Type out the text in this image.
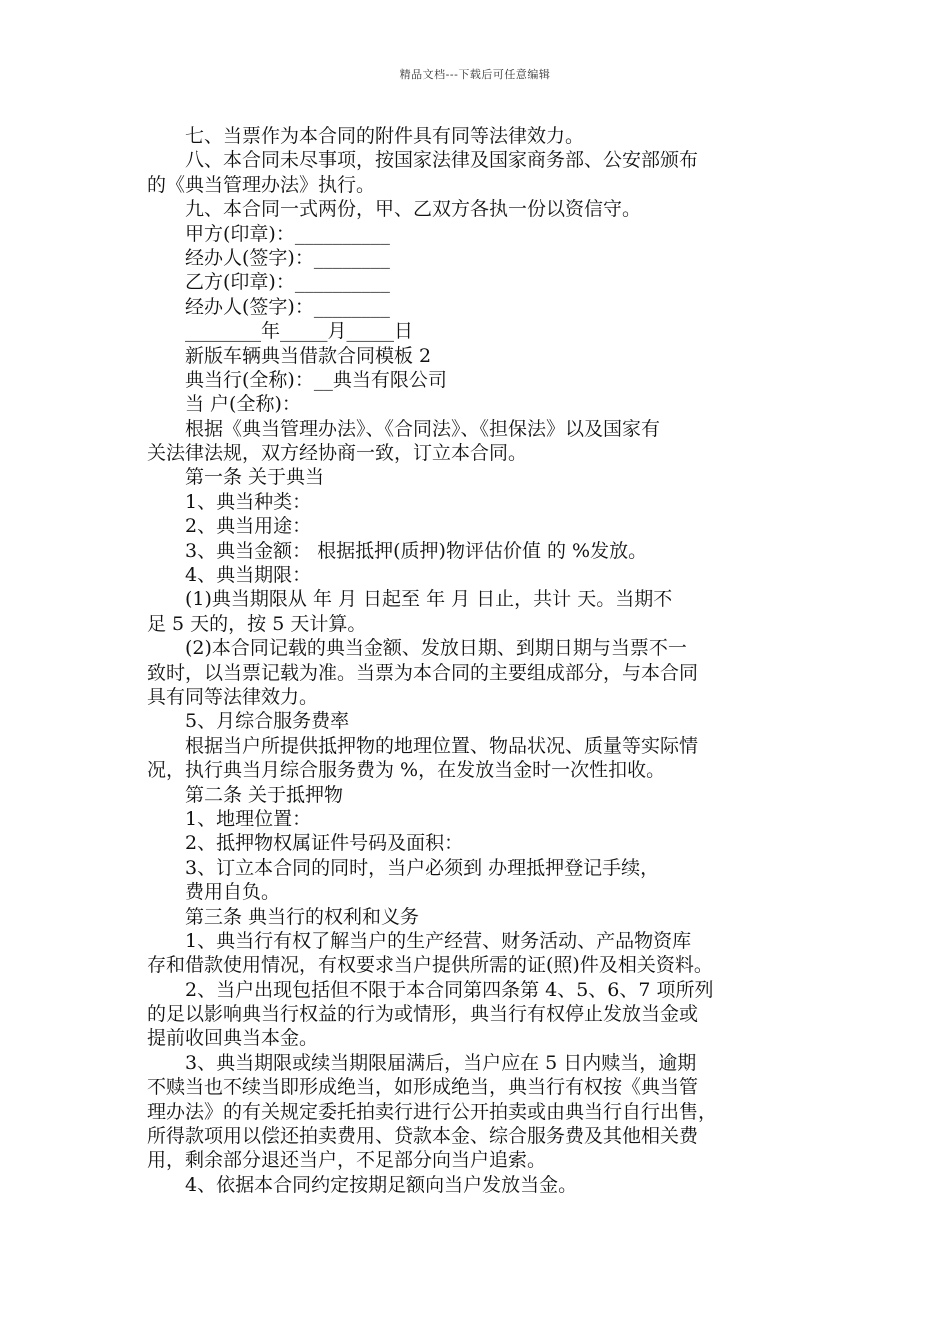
精品文档---下载后可任意编辑
　　七、当票作为本合同的附件具有同等法律效力。
　　八、本合同未尽事项，按国家法律及国家商务部、公安部颁布
的《典当管理办法》执行。
　　九、本合同一式两份，甲、乙双方各执一份以资信守。
　　甲方(印章)：__________
　　经办人(签字)：________
　　乙方(印章)：__________
　　经办人(签字)：________
　　________年_____月_____日
　　新版车辆典当借款合同模板 2
　　典当行(全称)：__典当有限公司
　　当 户(全称)：
　　根据《典当管理办法》、《合同法》、《担保法》以及国家有
关法律法规，双方经协商一致，订立本合同。
　　第一条 关于典当
　　1、典当种类：
　　2、典当用途：
　　3、典当金额： 根据抵押(质押)物评估价值 的 %发放。
　　4、典当期限：
　　(1)典当期限从 年 月 日起至 年 月 日止，共计 天。当期不
足 5 天的，按 5 天计算。
　　(2)本合同记载的典当金额、发放日期、到期日期与当票不一
致时，以当票记载为准。当票为本合同的主要组成部分，与本合同
具有同等法律效力。
　　5、月综合服务费率
　　根据当户所提供抵押物的地理位置、物品状况、质量等实际情
况，执行典当月综合服务费为 %，在发放当金时一次性扣收。
　　第二条 关于抵押物
　　1、地理位置：
　　2、抵押物权属证件号码及面积：
　　3、订立本合同的同时，当户必须到 办理抵押登记手续，
　　费用自负。
　　第三条 典当行的权利和义务
　　1、典当行有权了解当户的生产经营、财务活动、产品物资库
存和借款使用情况，有权要求当户提供所需的证(照)件及相关资料。
　　2、当户出现包括但不限于本合同第四条第 4、5、6、7 项所列
的足以影响典当行权益的行为或情形，典当行有权停止发放当金或
提前收回典当本金。
　　3、典当期限或续当期限届满后，当户应在 5 日内赎当，逾期
不赎当也不续当即形成绝当，如形成绝当，典当行有权按《典当管
理办法》的有关规定委托拍卖行进行公开拍卖或由典当行自行出售，
所得款项用以偿还拍卖费用、贷款本金、综合服务费及其他相关费
用，剩余部分退还当户，不足部分向当户追索。
　　4、依据本合同约定按期足额向当户发放当金。
